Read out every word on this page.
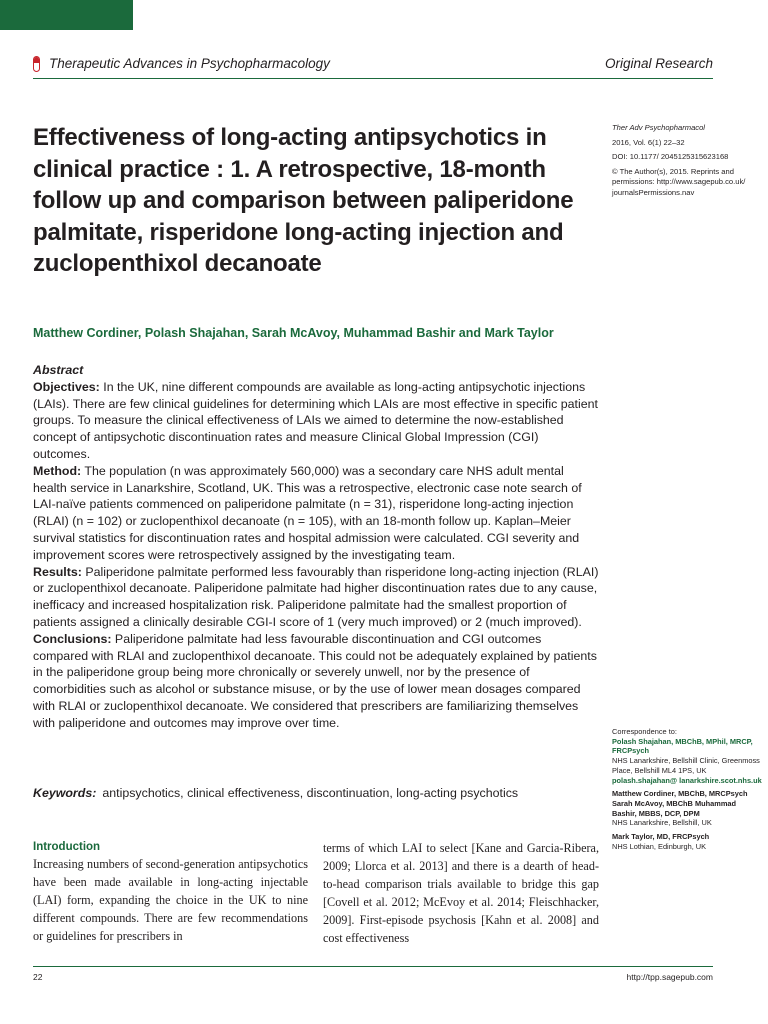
Therapeutic Advances in Psychopharmacology	Original Research
Effectiveness of long-acting antipsychotics in clinical practice : 1. A retrospective, 18-month follow up and comparison between paliperidone palmitate, risperidone long-acting injection and zuclopenthixol decanoate
Matthew Cordiner, Polash Shajahan, Sarah McAvoy, Muhammad Bashir and Mark Taylor

Ther Adv Psychopharmacol

2016, Vol. 6(1) 22–32

DOI: 10.1177/ 2045125315623168

© The Author(s), 2015. Reprints and permissions: http://www.sagepub.co.uk/ journalsPermissions.nav

Abstract

Objectives: In the UK, nine different compounds are available as long-acting antipsychotic injections (LAIs). There are few clinical guidelines for determining which LAIs are most effective in specific patient groups. To measure the clinical effectiveness of LAIs we aimed to determine the now-established concept of antipsychotic discontinuation rates and measure Clinical Global Impression (CGI) outcomes.

Method: The population (n was approximately 560,000) was a secondary care NHS adult mental health service in Lanarkshire, Scotland, UK. This was a retrospective, electronic case note search of LAI-naïve patients commenced on paliperidone palmitate (n = 31), risperidone long-acting injection (RLAI) (n = 102) or zuclopenthixol decanoate (n = 105), with an 18-month follow up. Kaplan–Meier survival statistics for discontinuation rates and hospital admission were calculated. CGI severity and improvement scores were retrospectively assigned by the investigating team.

Results: Paliperidone palmitate performed less favourably than risperidone long-acting injection (RLAI) or zuclopenthixol decanoate. Paliperidone palmitate had higher discontinuation rates due to any cause, inefficacy and increased hospitalization risk. Paliperidone palmitate had the smallest proportion of patients assigned a clinically desirable CGI-I score of 1 (very much improved) or 2 (much improved).

Conclusions: Paliperidone palmitate had less favourable discontinuation and CGI outcomes compared with RLAI and zuclopenthixol decanoate. This could not be adequately explained by patients in the paliperidone group being more chronically or severely unwell, nor by the presence of comorbidities such as alcohol or substance misuse, or by the use of lower mean dosages compared with RLAI or zuclopenthixol decanoate. We considered that prescribers are familiarizing themselves with paliperidone and outcomes may improve over time.

Keywords: antipsychotics, clinical effectiveness, discontinuation, long-acting psychotics

Correspondence to:
Polash Shajahan, MBChB, MPhil, MRCP, FRCPsych
NHS Lanarkshire, Bellshill Clinic, Greenmoss Place, Bellshill ML4 1PS, UK
polash.shajahan@ lanarkshire.scot.nhs.uk

Matthew Cordiner, MBChB, MRCPsych Sarah McAvoy, MBChB Muhammad Bashir, MBBS, DCP, DPM
NHS Lanarkshire, Bellshill, UK

Mark Taylor, MD, FRCPsych
NHS Lothian, Edinburgh, UK

Introduction
Increasing numbers of second-generation antipsychotics have been made available in long-acting injectable (LAI) form, expanding the choice in the UK to nine different compounds. There are few recommendations or guidelines for prescribers in
terms of which LAI to select [Kane and Garcia-Ribera, 2009; Llorca et al. 2013] and there is a dearth of head-to-head comparison trials available to bridge this gap [Covell et al. 2012; McEvoy et al. 2014; Fleischhacker, 2009]. First-episode psychosis [Kahn et al. 2008] and cost effectiveness
22	http://tpp.sagepub.com
